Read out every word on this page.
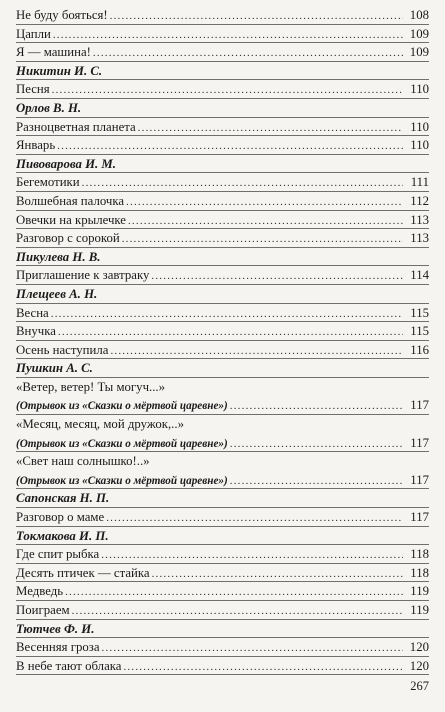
Не буду бояться! .....	108
Цапли .....	109
Я — машина! .....	109
Никитин И. С.
Песня .....	110
Орлов В. Н.
Разноцветная планета .....	110
Январь .....	110
Пивоварова И. М.
Бегемотики .....	111
Волшебная палочка .....	112
Овечки на крылечке .....	113
Разговор с сорокой .....	113
Пикулева Н. В.
Приглашение к завтраку .....	114
Плещеев А. Н.
Весна .....	115
Внучка .....	115
Осень наступила .....	116
Пушкин А. С.
«Ветер, ветер! Ты могуч...»
(Отрывок из «Сказки о мёртвой царевне») .....	117
«Месяц, месяц, мой дружок,..»
(Отрывок из «Сказки о мёртвой царевне») .....	117
«Свет наш солнышко!..»
(Отрывок из «Сказки о мёртвой царевне») .....	117
Сапонская Н. П.
Разговор о маме .....	117
Токмакова И. П.
Где спит рыбка .....	118
Десять птичек — стайка .....	118
Медведь .....	119
Поиграем .....	119
Тютчев Ф. И.
Весенняя гроза .....	120
В небе тают облака .....	120
267
